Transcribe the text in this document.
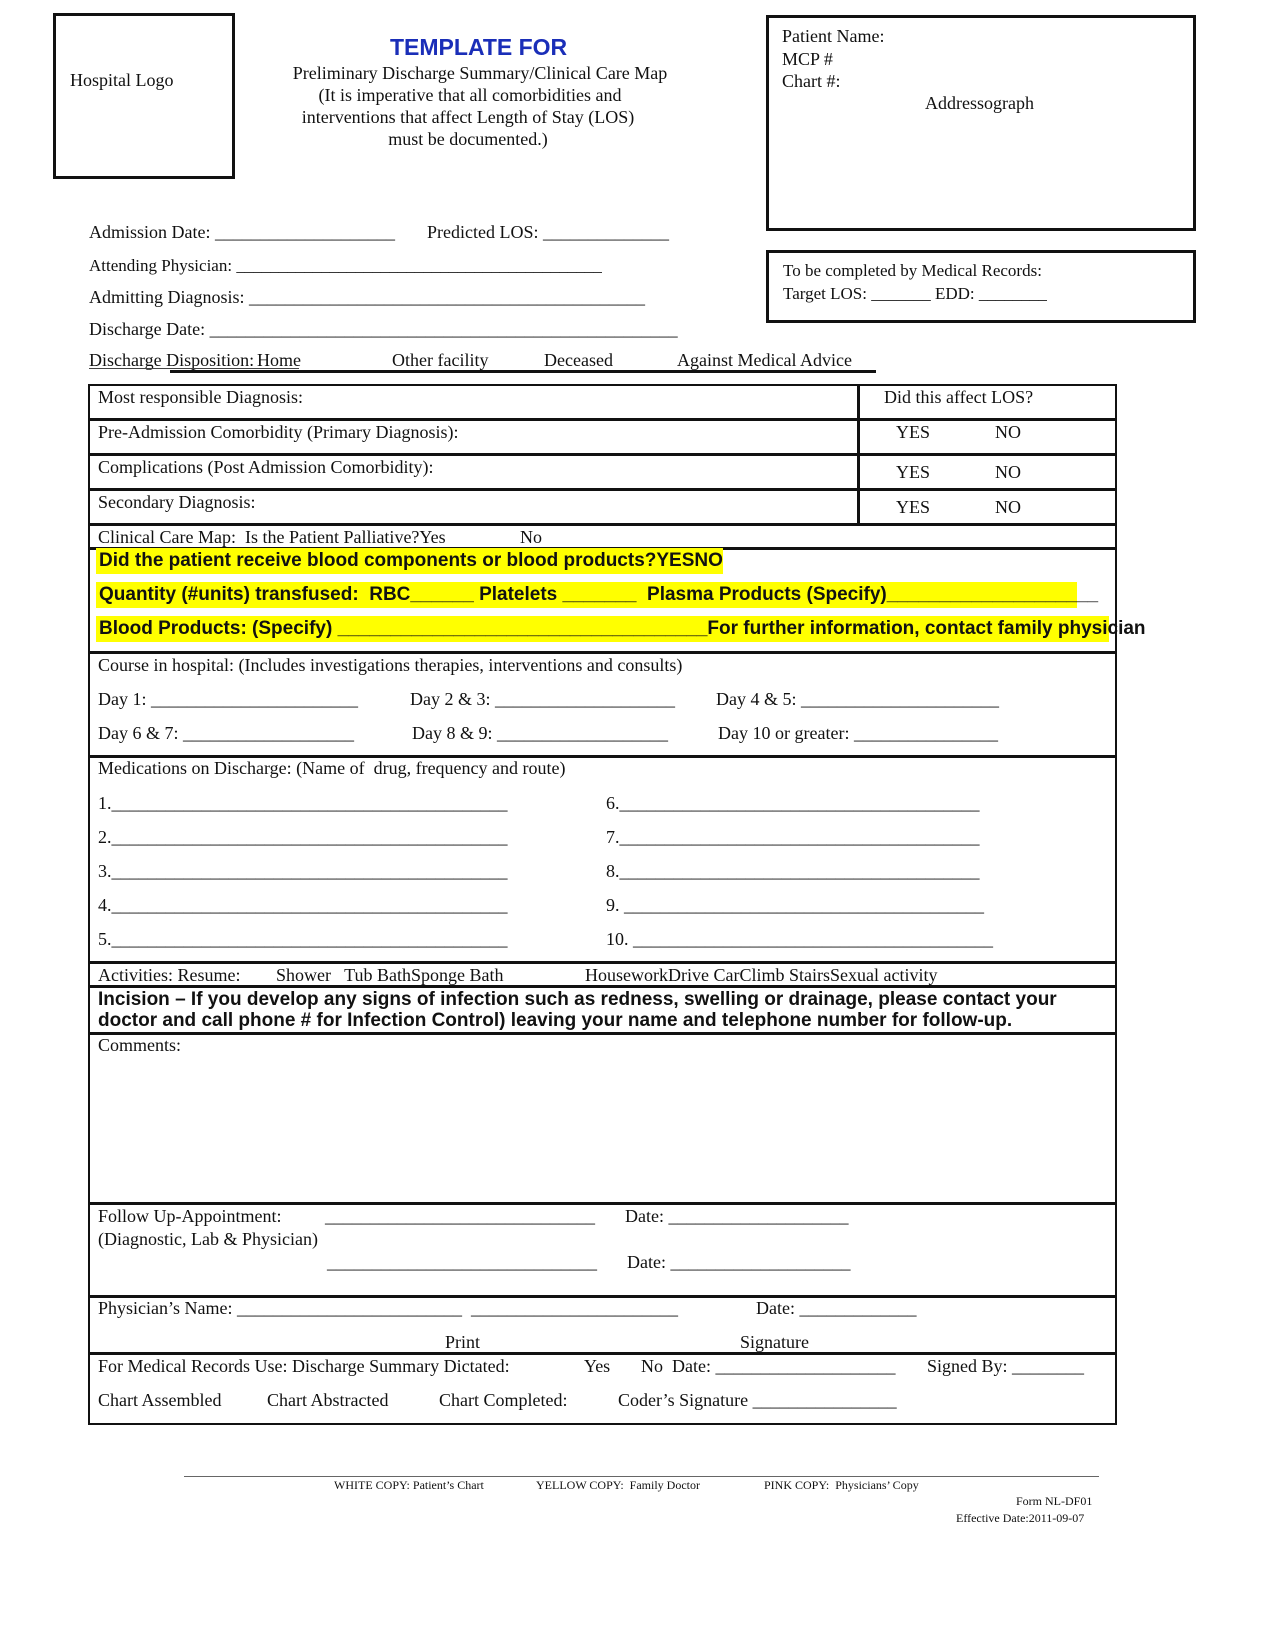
Hospital Logo
TEMPLATE FOR
Preliminary Discharge Summary/Clinical Care Map
(It is imperative that all comorbidities and
interventions that affect Length of Stay (LOS)
must be documented.)
Patient Name:
MCP #
Chart #:
Addressograph
To be completed by Medical Records:
Target LOS: _______ EDD: ________
Admission Date: ____________________ Predicted LOS: ______________
Attending Physician: ___________________________________________
Admitting Diagnosis: ____________________________________________
Discharge Date: ____________________________________________________
Discharge Disposition: Home	Other facility	Deceased	Against Medical Advice
Most responsible Diagnosis:	Did this affect LOS?
Pre-Admission Comorbidity (Primary Diagnosis):	YES	NO
Complications (Post Admission Comorbidity):	YES	NO
Secondary Diagnosis:	YES	NO
Clinical Care Map:  Is the Patient Palliative?Yes	No
Did the patient receive blood components or blood products?YESNO
Quantity (#units) transfused:  RBC______ Platelets _______  Plasma Products (Specify)____________________
Blood Products: (Specify) ___________________________________For further information, contact family physician
Course in hospital: (Includes investigations therapies, interventions and consults)
Day 1: _______________________	Day 2 & 3: ____________________ Day 4 & 5: ______________________
Day 6 & 7: ___________________	Day 8 & 9: ___________________	Day 10 or greater: ________________
Medications on Discharge: (Name of  drug, frequency and route)
1.____________________________________________
2.____________________________________________
3.____________________________________________
4.____________________________________________
5.____________________________________________
6.________________________________________
7.________________________________________
8.________________________________________
9. ________________________________________
10. ________________________________________
Activities: Resume: Shower   Tub BathSponge Bath	HouseworkDrive CarClimb StairsSexual activity
Incision – If you develop any signs of infection such as redness, swelling or drainage, please contact your
doctor and call phone # for Infection Control) leaving your name and telephone number for follow-up.
Comments:
Follow Up-Appointment:
(Diagnostic, Lab & Physician)
______________________________ Date: ____________________
______________________________ Date: ____________________
Physician’s Name: _________________________  _______________________	Date: _____________
Print	Signature
For Medical Records Use: Discharge Summary Dictated:	Yes No  Date: ____________________ Signed By: ________
Chart Assembled	Chart Abstracted	Chart Completed:	Coder’s Signature ________________
WHITE COPY: Patient’s Chart	YELLOW COPY:  Family Doctor	PINK COPY:  Physicians’ Copy
Form NL-DF01
Effective Date:2011-09-07
